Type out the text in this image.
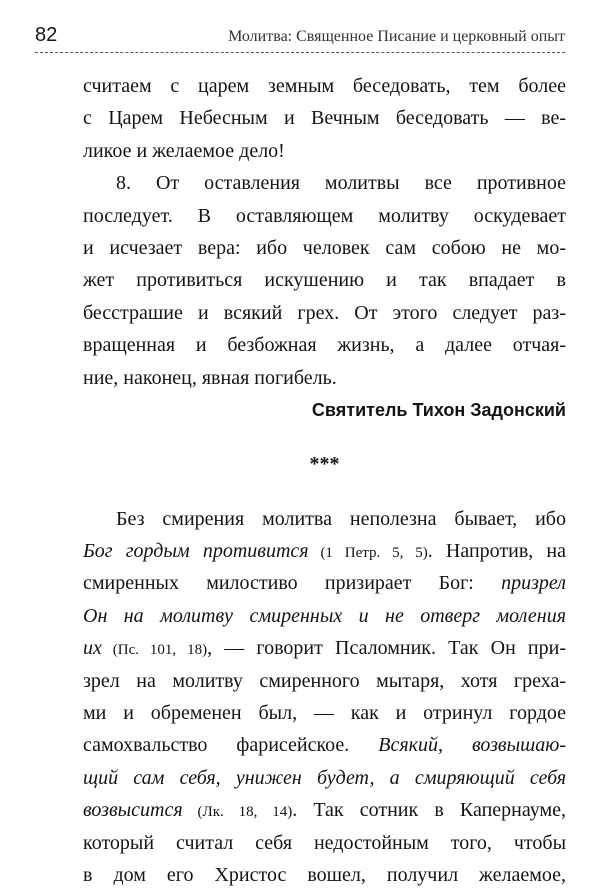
82	Молитва: Священное Писание и церковный опыт
считаем с царем земным беседовать, тем более
с Царем Небесным и Вечным беседовать — ве-
ликое и желаемое дело!
8. От оставления молитвы все противное
последует. В оставляющем молитву оскудевает
и исчезает вера: ибо человек сам собою не мо-
жет противиться искушению и так впадает в
бесстрашие и всякий грех. От этого следует раз-
вращенная и безбожная жизнь, а далее отчая-
ние, наконец, явная погибель.
Святитель Тихон Задонский
***
Без смирения молитва неполезна бывает, ибо
Бог гордым противится (1 Петр. 5, 5). Напротив, на
смиренных милостиво призирает Бог: призрел
Он на молитву смиренных и не отверг моления
их (Пс. 101, 18), — говорит Псаломник. Так Он при-
зрел на молитву смиренного мытаря, хотя греха-
ми и обременен был, — как и отринул гордое
самохвальство фарисейское. Всякий, возвышаю-
щий сам себя, унижен будет, а смиряющий себя
возвысится (Лк. 18, 14). Так сотник в Капернауме,
который считал себя недостойным того, чтобы
в дом его Христос вошел, получил желаемое,
